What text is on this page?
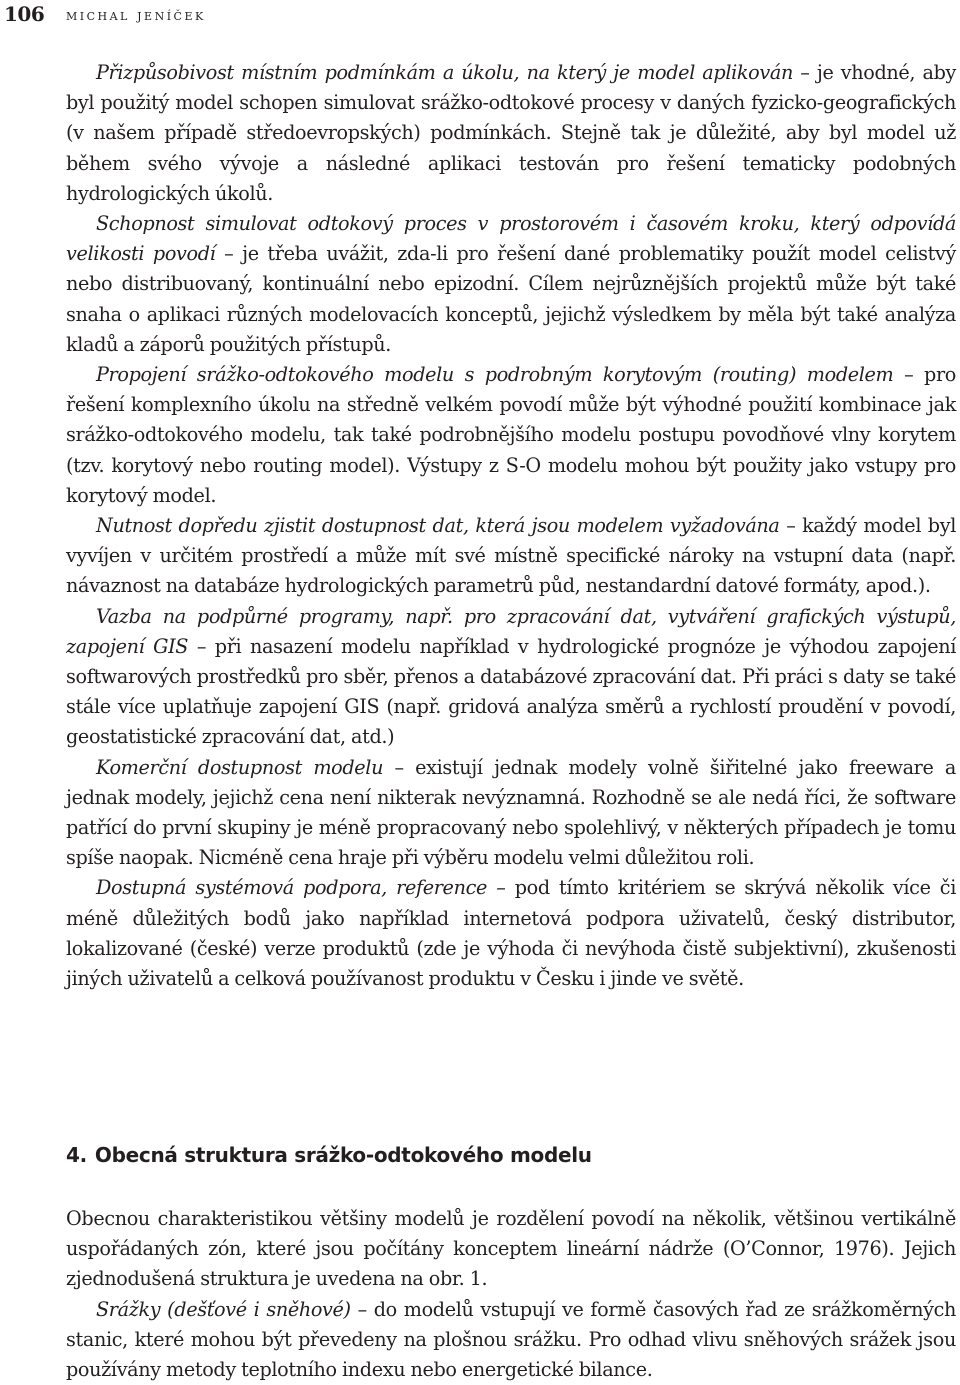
106 michal jeníček

Přizpůsobivost místním podmínkám a úkolu, na který je model aplikován – je vhodné, aby byl použitý model schopen simulovat srážko-odtokové procesy v daných fyzicko-geografických (v našem případě středoevropských) podmínkách. Stejně tak je důležité, aby byl model už během svého vývoje a následné aplikaci testován pro řešení tematicky podobných hydrologických úkolů.

Schopnost simulovat odtokový proces v prostorovém i časovém kroku, který odpovídá velikosti povodí – je třeba uvážit, zda-li pro řešení dané problematiky použít model celistvý nebo distribuovaný, kontinuální nebo epizodní. Cílem nejrůznějších projektů může být také snaha o aplikaci různých modelovacích konceptů, jejichž výsledkem by měla být také analýza kladů a záporů použitých přístupů.

Propojení srážko-odtokového modelu s podrobným korytovým (routing) modelem – pro řešení komplexního úkolu na středně velkém povodí může být výhodné použití kombinace jak srážko-odtokového modelu, tak také podrobnějšího modelu postupu povodňové vlny korytem (tzv. korytový nebo routing model). Výstupy z S-O modelu mohou být použity jako vstupy pro korytový model.

Nutnost dopředu zjistit dostupnost dat, která jsou modelem vyžadována – každý model byl vyvíjen v určitém prostředí a může mít své místně specifické nároky na vstupní data (např. návaznost na databáze hydrologických parametrů půd, nestandardní datové formáty, apod.).

Vazba na podpůrné programy, např. pro zpracování dat, vytváření grafických výstupů, zapojení GIS – při nasazení modelu například v hydrologické prognóze je výhodou zapojení softwarových prostředků pro sběr, přenos a databázové zpracování dat. Při práci s daty se také stále více uplatňuje zapojení GIS (např. gridová analýza směrů a rychlostí proudění v povodí, geostatistické zpracování dat, atd.)

Komerční dostupnost modelu – existují jednak modely volně šiřitelné jako freeware a jednak modely, jejichž cena není nikterak nevýznamná. Rozhodně se ale nedá říci, že software patřící do první skupiny je méně propracovaný nebo spolehlivý, v některých případech je tomu spíše naopak. Nicméně cena hraje při výběru modelu velmi důležitou roli.

Dostupná systémová podpora, reference – pod tímto kritériem se skrývá několik více či méně důležitých bodů jako například internetová podpora uživatelů, český distributor, lokalizované (české) verze produktů (zde je výhoda či nevýhoda čistě subjektivní), zkušenosti jiných uživatelů a celková používanost produktu v Česku i jinde ve světě.

4. Obecná struktura srážko-odtokového modelu

Obecnou charakteristikou většiny modelů je rozdělení povodí na několik, většinou vertikálně uspořádaných zón, které jsou počítány konceptem lineární nádrže (O’Connor, 1976). Jejich zjednodušená struktura je uvedena na obr. 1.

Srážky (dešťové i sněhové) – do modelů vstupují ve formě časových řad ze srážkoměrných stanic, které mohou být převedeny na plošnou srážku. Pro odhad vlivu sněhových srážek jsou používány metody teplotního indexu nebo energetické bilance.
